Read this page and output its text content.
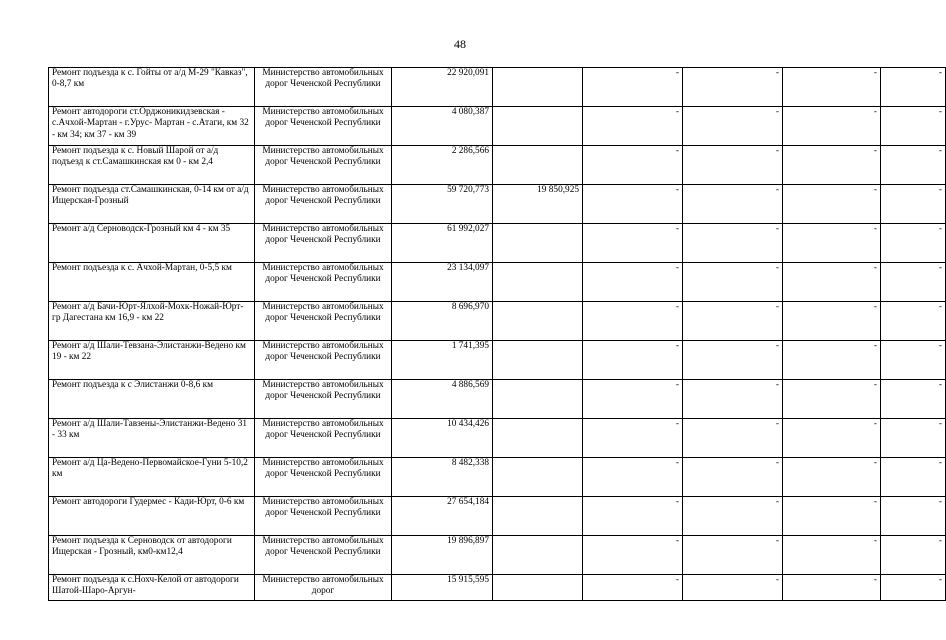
48
Ремонт подъезда к с. Гойты от а/д М-29 "Кавказ", 0-8,7 км	Министерство автомобильных дорог Чеченской Республики	22 920,091		-	-	-	-
Ремонт автодороги ст.Орджоникидзевская - с.Ачхой-Мартан - г.Урус- Мартан - с.Атаги, км 32 - км 34; км 37 - км 39	Министерство автомобильных дорог Чеченской Республики	4 080,387		-	-	-	-
Ремонт подъезда к с. Новый Шарой от а/д подъезд к ст.Самашкинская км 0 - км 2,4	Министерство автомобильных дорог Чеченской Республики	2 286,566		-	-	-	-
Ремонт подъезда ст.Самашкинская, 0-14 км от а/д Ищерская-Грозный	Министерство автомобильных дорог Чеченской Республики	59 720,773	19 850,925	-	-	-	-
Ремонт а/д Серноводск-Грозный км 4 - км 35	Министерство автомобильных дорог Чеченской Республики	61 992,027		-	-	-	-
Ремонт подъезда к с. Ачхой-Мартан, 0-5,5 км	Министерство автомобильных дорог Чеченской Республики	23 134,097		-	-	-	-
Ремонт а/д Бачи-Юрт-Ялхой-Мохк-Ножай-Юрт-гр Дагестана км 16,9 - км 22	Министерство автомобильных дорог Чеченской Республики	8 696,970		-	-	-	-
Ремонт а/д Шали-Тевзана-Элистанжи-Ведено км 19 - км 22	Министерство автомобильных дорог Чеченской Республики	1 741,395		-	-	-	-
Ремонт подъезда к с Элистанжи 0-8,6 км	Министерство автомобильных дорог Чеченской Республики	4 886,569		-	-	-	-
Ремонт а/д Шали-Тавзены-Элистанжи-Ведено 31 - 33 км	Министерство автомобильных дорог Чеченской Республики	10 434,426		-	-	-	-
Ремонт а/д Ца-Ведено-Первомайское-Гуни 5-10,2 км	Министерство автомобильных дорог Чеченской Республики	8 482,338		-	-	-	-
Ремонт автодороги Гудермес - Кади-Юрт, 0-6 км	Министерство автомобильных дорог Чеченской Республики	27 654,184		-	-	-	-
Ремонт подъезда к Серноводск от автодороги Ищерская - Грозный, км0-км12,4	Министерство автомобильных дорог Чеченской Республики	19 896,897		-	-	-	-
Ремонт подъезда к с.Нохч-Келой от автодороги Шатой-Шаро-Аргун-	Министерство автомобильных дорог	15 915,595		-	-	-	-
